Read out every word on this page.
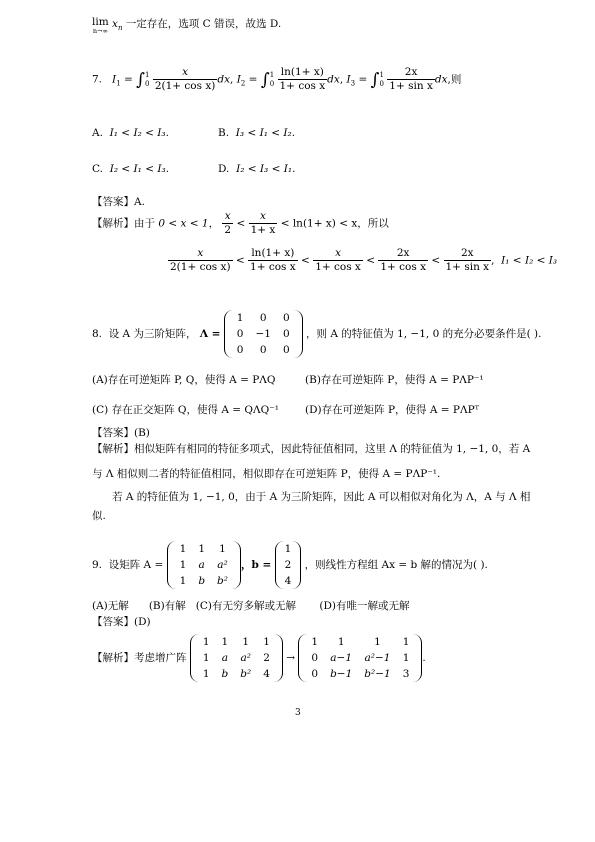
lim
n→∞
$x_n$ 一定存在，选项 C 错误，故选 D.
7. $I_1$ = ∫ 1
0
$\frac{x}{\text{2(1+ cos x)}}$ dx, $I_2$ = ∫ 1
0
$\frac{\ln(1+ x)}{\text{1+ cos x}}$ dx, $I_3$ = ∫ 1
0
$\frac{2x}{\text{1+ sin x}}$ dx,则
A. I₁ < I₂ < I₃.	B. I₃ < I₁ < I₂.
C. I₂ < I₁ < I₃.	D. I₂ < I₃ < I₁.
【答案】A.
【解析】由于 0 < x < 1， $\frac{x}{2} < \frac{x}{1+ x} < \ln(1+ x) < x$，所以
$\frac{x}{\text{2(1+ cos x)}} < \frac{\ln(1+ x)}{\text{1+ cos x}} < \frac{x}{\text{1+ cos x}} < \frac{2x}{\text{1+ cos x}} < \frac{2x}{\text{1+ sin x}}$ ,  I₁ < I₂ < I₃
8. 设 A 为三阶矩阵， Λ =
1	0	0
0	−1	0
0	0	0
，则 A 的特征值为 1, −1, 0 的充分必要条件是( ).
(A)存在可逆矩阵 P, Q，使得 A = PΛQ	(B)存在可逆矩阵 P，使得 A = PΛP⁻¹
(C) 存在正交矩阵 Q，使得 A = QΛQ⁻¹ (D)存在可逆矩阵 P，使得 A = PΛPᵀ
【答案】(B)
【解析】相似矩阵有相同的特征多项式，因此特征值相同，这里 Λ 的特征值为 1, −1, 0，若 A
与 Λ 相似则二者的特征值相同，相似即存在可逆矩阵 P，使得 A = PΛP⁻¹.
若 A 的特征值为 1, −1, 0，由于 A 为三阶矩阵，因此 A 可以相似对角化为 Λ，A 与 Λ 相
似.
9. 设矩阵 A =
1	1	1
1	a	a²
1	b	b²
，b =
1
2
4
，则线性方程组 Ax = b 解的情况为( ).
(A)无解 (B)有解 (C)有无穷多解或无解 (D)有唯一解或无解
【答案】(D)
【解析】考虑增广阵
1	1	1	1
1	a	a²	2
1	b	b²	4
→
1	1	1	1
0	a−1	a²−1	1
0	b−1	b²−1	3
.
3
